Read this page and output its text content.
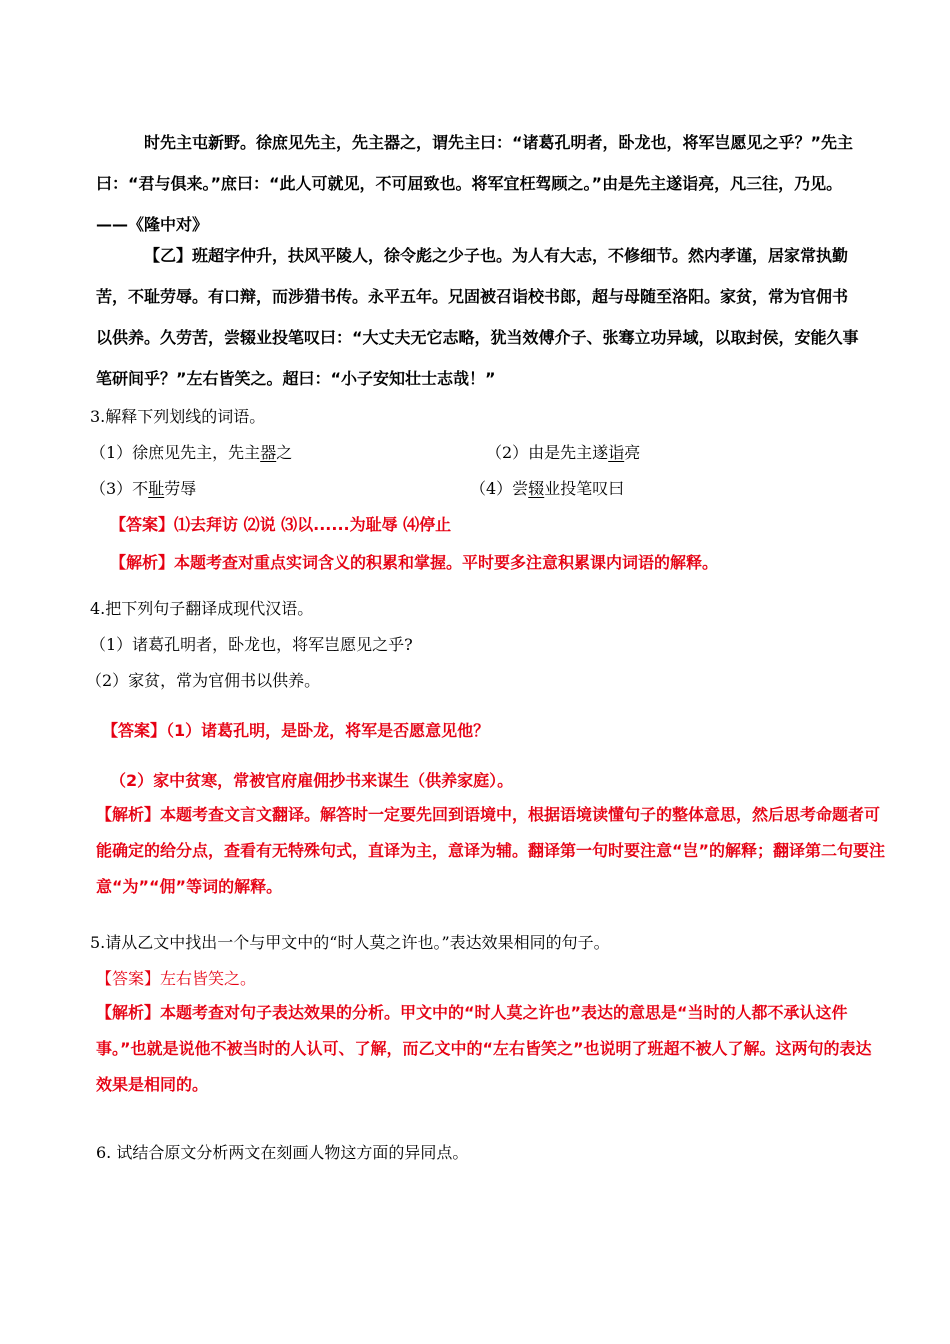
时先主屯新野。徐庶见先主，先主器之，谓先主曰：“诸葛孔明者，卧龙也，将军岂愿见之乎？”先主曰：“君与俱来。”庶曰：“此人可就见，不可屈致也。将军宜枉驾顾之。”由是先主遂诣亮，凡三往，乃见。——《隆中对》
【乙】班超字仲升，扶风平陵人，徐令彪之少子也。为人有大志，不修细节。然内孝谨，居家常执勤苦，不耻劳辱。有口辩，而涉猎书传。永平五年。兄固被召诣校书郎，超与母随至洛阳。家贫，常为官佣书以供养。久劳苦，尝辍业投笔叹曰：“大丈夫无它志略，犹当效傅介子、张骞立功异域，以取封侯，安能久事笔研间乎？”左右皆笑之。超曰：“小子安知壮士志哉！”
3.解释下列划线的词语。
（1）徐庶见先主，先主器之	（2）由是先主遂诣亮
（3）不耻劳辱	（4）尝辍业投笔叹曰
【答案】⑴去拜访 ⑵说 ⑶以......为耻辱 ⑷停止
【解析】本题考查对重点实词含义的积累和掌握。平时要多注意积累课内词语的解释。
4.把下列句子翻译成现代汉语。
（1）诸葛孔明者，卧龙也，将军岂愿见之乎?
（2）家贫，常为官佣书以供养。
【答案】（1）诸葛孔明，是卧龙，将军是否愿意见他？
（2）家中贫寒，常被官府雇佣抄书来谋生（供养家庭）。
【解析】本题考查文言文翻译。解答时一定要先回到语境中，根据语境读懂句子的整体意思，然后思考命题者可能确定的给分点，查看有无特殊句式，直译为主，意译为辅。翻译第一句时要注意“岂”的解释；翻译第二句要注意“为”“佣”等词的解释。
5.请从乙文中找出一个与甲文中的“时人莫之许也。”表达效果相同的句子。
【答案】左右皆笑之。
【解析】本题考查对句子表达效果的分析。甲文中的“时人莫之许也”表达的意思是“当时的人都不承认这件事。”也就是说他不被当时的人认可、了解，而乙文中的“左右皆笑之”也说明了班超不被人了解。这两句的表达效果是相同的。
6. 试结合原文分析两文在刻画人物这方面的异同点。
